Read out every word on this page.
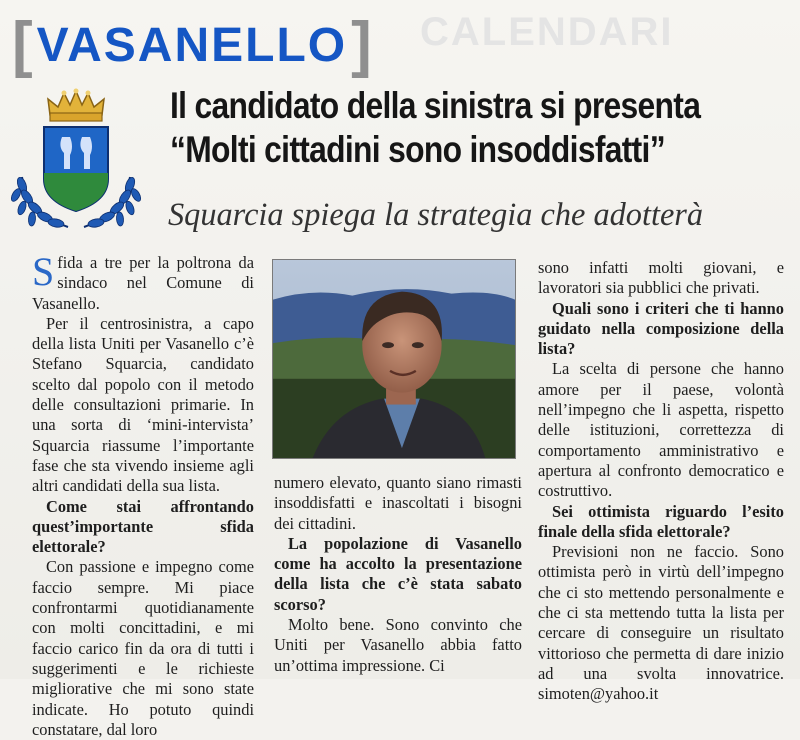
CALENDARI
[ VASANELLO ]
Il candidato della sinistra si presenta
“Molti cittadini sono insoddisfatti”
Squarcia spiega la strategia che adotterà

Sfida a tre per la poltrona da sindaco nel Comune di Vasanello.

Per il centrosinistra, a capo della lista Uniti per Vasanello c’è Stefano Squarcia, candidato scelto dal popolo con il metodo delle consultazioni primarie. In una sorta di ‘mini-intervista’ Squarcia riassume l’importante fase che sta vivendo insieme agli altri candidati della sua lista.

Come stai affrontando quest’importante sfida elettorale?

Con passione e impegno come faccio sempre. Mi piace confrontarmi quotidianamente con molti concittadini, e mi faccio carico fin da ora di tutti i suggerimenti e le richieste migliorative che mi sono state indicate. Ho potuto quindi constatare, dal loro

numero elevato, quanto siano rimasti insoddisfatti e inascoltati i bisogni dei cittadini.

La popolazione di Vasanello come ha accolto la presentazione della lista che c’è stata sabato scorso?

Molto bene. Sono convinto che Uniti per Vasanello abbia fatto un’ottima impressione. Ci

sono infatti molti giovani, e lavoratori sia pubblici che privati.

Quali sono i criteri che ti hanno guidato nella composizione della lista?

La scelta di persone che hanno amore per il paese, volontà nell’impegno che li aspetta, rispetto delle istituzioni, correttezza di comportamento amministrativo e apertura al confronto democratico e costruttivo.

Sei ottimista riguardo l’esito finale della sfida elettorale?

Previsioni non ne faccio. Sono ottimista però in virtù dell’impegno che ci sto mettendo personalmente e che ci sta mettendo tutta la lista per cercare di conseguire un risultato vittorioso che permetta di dare inizio ad una svolta innovatrice. simoten@yahoo.it
